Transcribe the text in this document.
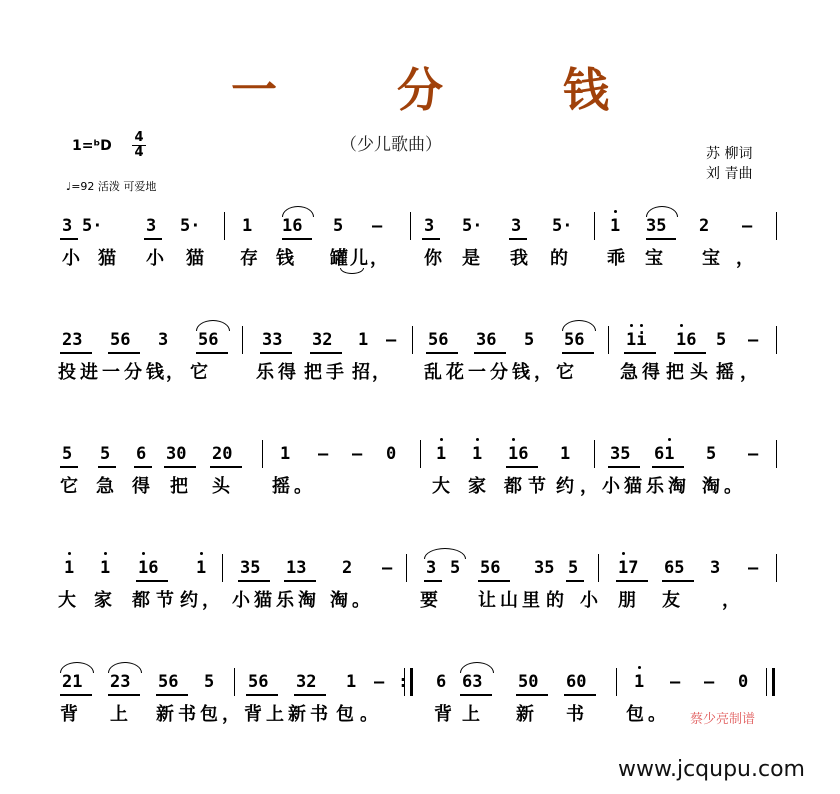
一 分 钱
（少儿歌曲）
1=ᵇD
4
4
♩=92 活泼 可爱地
苏 柳词
刘 青曲
3 5·	3 5· 1 16 5 – 3 5· 3 5· 1 35 2 –
小 猫 小 猫 存 钱 罐 儿 ， 你 是 我 的 乖 宝 宝 ，
23 56 3 56	33 32 1 – 56 36 5 56 1i 16 5 –
投 进 一 分 钱 ， 它	乐 得 把 手 招 ， 乱 花 一 分 钱 ， 它	急 得 把 头 摇 ，
5 5 6 30 20	1 – – 0 1 1 16 1 35 61 5 –
它 急 得 把 头 摇 。	大 家 都 节 约 ， 小 猫 乐 淘 淘 。
1 1 16 1 35 13 2 – 3 5 56 35 5 17 65 3 –
大 家 都 节 约 ， 小 猫 乐 淘 淘 。	要 让 山 里 的 小 朋 友 ，
21 23 56 5 56 32 1 – : 6 63 50 60	1 – – 0
背 上 新 书 包 ， 背 上 新 书 包 。	背 上 新 书 包 。 蔡少亮制谱
www.jcqupu.com
